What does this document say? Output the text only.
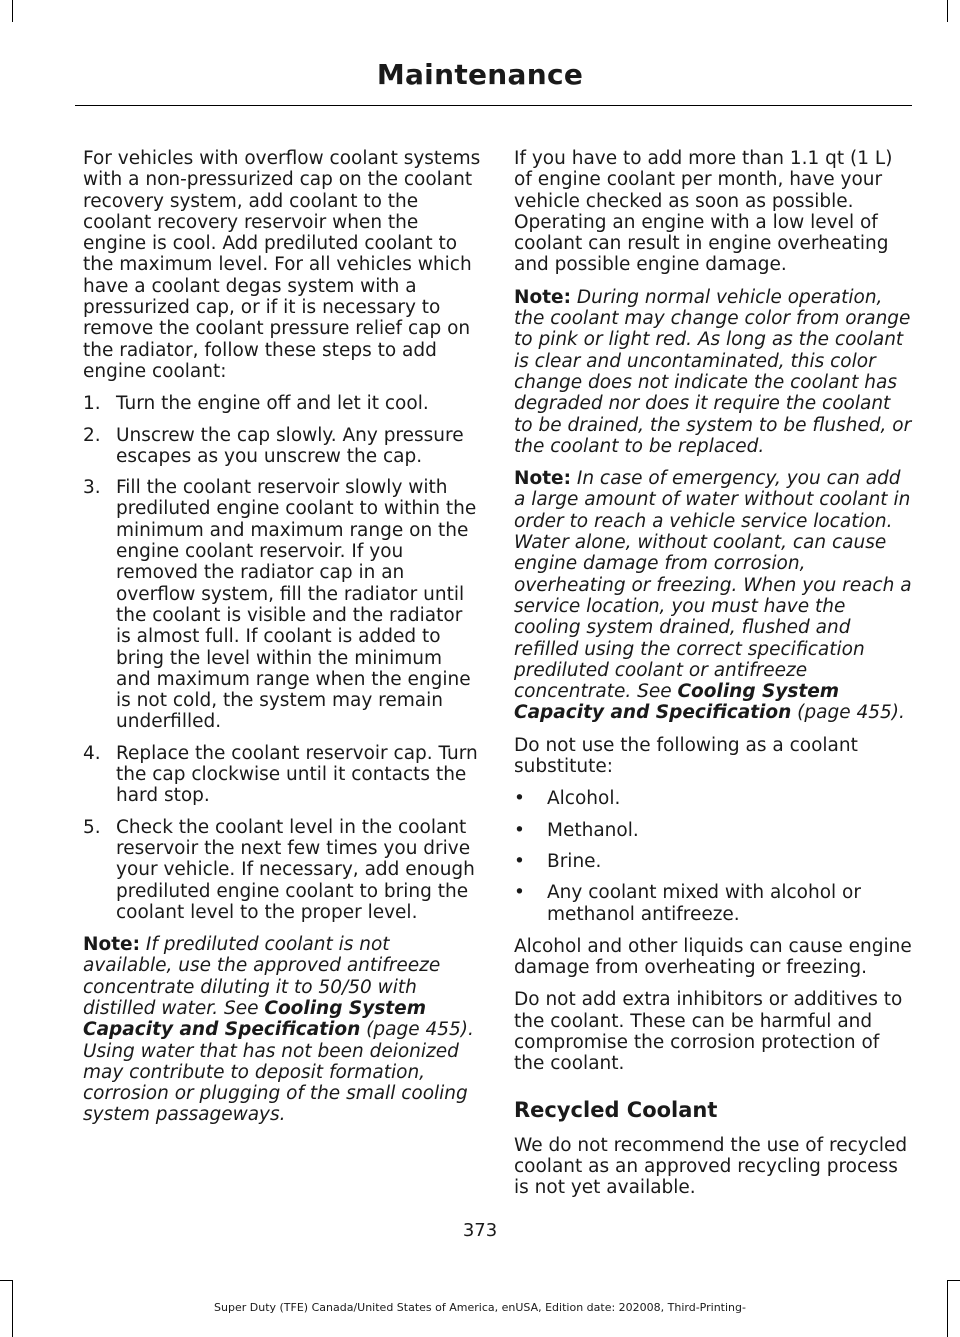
Maintenance

For vehicles with overflow coolant systems with a non-pressurized cap on the coolant recovery system, add coolant to the coolant recovery reservoir when the engine is cool. Add prediluted coolant to the maximum level. For all vehicles which have a coolant degas system with a pressurized cap, or if it is necessary to remove the coolant pressure relief cap on the radiator, follow these steps to add engine coolant:

1. Turn the engine off and let it cool.
2. Unscrew the cap slowly. Any pressure escapes as you unscrew the cap.
3. Fill the coolant reservoir slowly with prediluted engine coolant to within the minimum and maximum range on the engine coolant reservoir. If you removed the radiator cap in an overflow system, fill the radiator until the coolant is visible and the radiator is almost full. If coolant is added to bring the level within the minimum and maximum range when the engine is not cold, the system may remain underfilled.
4. Replace the coolant reservoir cap. Turn the cap clockwise until it contacts the hard stop.
5. Check the coolant level in the coolant reservoir the next few times you drive your vehicle. If necessary, add enough prediluted engine coolant to bring the coolant level to the proper level.

Note: If prediluted coolant is not available, use the approved antifreeze concentrate diluting it to 50/50 with distilled water. See Cooling System Capacity and Specification (page 455). Using water that has not been deionized may contribute to deposit formation, corrosion or plugging of the small cooling system passageways.

If you have to add more than 1.1 qt (1 L) of engine coolant per month, have your vehicle checked as soon as possible. Operating an engine with a low level of coolant can result in engine overheating and possible engine damage.

Note: During normal vehicle operation, the coolant may change color from orange to pink or light red. As long as the coolant is clear and uncontaminated, this color change does not indicate the coolant has degraded nor does it require the coolant to be drained, the system to be flushed, or the coolant to be replaced.

Note: In case of emergency, you can add a large amount of water without coolant in order to reach a vehicle service location. Water alone, without coolant, can cause engine damage from corrosion, overheating or freezing. When you reach a service location, you must have the cooling system drained, flushed and refilled using the correct specification prediluted coolant or antifreeze concentrate. See Cooling System Capacity and Specification (page 455).

Do not use the following as a coolant substitute:

• Alcohol.
• Methanol.
• Brine.
• Any coolant mixed with alcohol or methanol antifreeze.

Alcohol and other liquids can cause engine damage from overheating or freezing.

Do not add extra inhibitors or additives to the coolant. These can be harmful and compromise the corrosion protection of the coolant.

Recycled Coolant

We do not recommend the use of recycled coolant as an approved recycling process is not yet available.

373
Super Duty (TFE) Canada/United States of America, enUSA, Edition date: 202008, Third-Printing-
